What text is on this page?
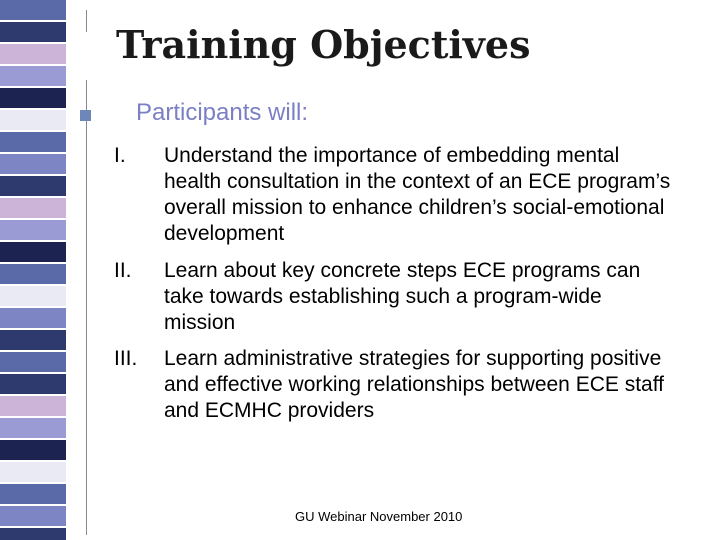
Training Objectives
Participants will:
I. Understand the importance of embedding mental health consultation in the context of an ECE program’s overall mission to enhance children’s social-emotional development
II. Learn about key concrete steps ECE programs can take towards establishing such a program-wide mission
III. Learn administrative strategies for supporting positive and effective working relationships between ECE staff and ECMHC providers
GU Webinar November 2010
